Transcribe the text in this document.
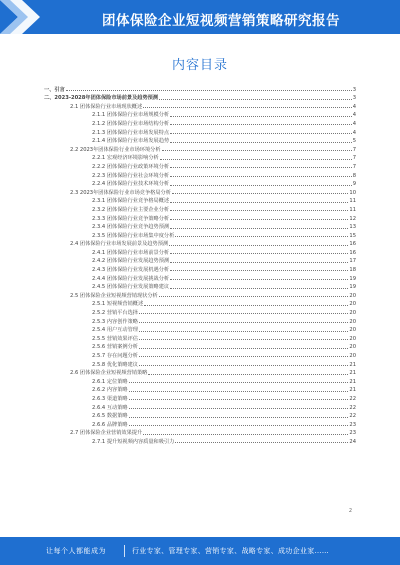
团体保险企业短视频营销策略研究报告
内容目录
一、引言	3
二、2023-2028年团体保险市场前景及趋势预测	3
2.1 团体保险行业市场现状概述	4
2.1.1 团体保险行业市场规模分析	4
2.1.2 团体保险行业市场结构分析	4
2.1.3 团体保险行业市场发展特点	4
2.1.4 团体保险行业市场发展趋势	5
2.2 2023年团体保险行业市场环境分析	7
2.2.1 宏观经济环境影响分析	7
2.2.2 团体保险行业政策环境分析	7
2.2.3 团体保险行业社会环境分析	8
2.2.4 团体保险行业技术环境分析	9
2.3 2023年团体保险行业市场竞争格局分析	10
2.3.1 团体保险行业竞争格局概述	11
2.3.2 团体保险行业主要企业分析	11
2.3.3 团体保险行业竞争策略分析	12
2.3.4 团体保险行业竞争趋势预测	13
2.3.5 团体保险行业市场集中度分析	15
2.4 团体保险行业市场发展前景及趋势预测	16
2.4.1 团体保险行业市场前景分析	16
2.4.2 团体保险行业发展趋势预测	17
2.4.3 团体保险行业发展机遇分析	18
2.4.4 团体保险行业发展挑战分析	19
2.4.5 团体保险行业发展策略建议	19
2.5 团体保险企业短视频营销现状分析	20
2.5.1 短视频营销概述	20
2.5.2 营销平台选择	20
2.5.3 内容创作策略	20
2.5.4 用户互动管理	20
2.5.5 营销效果评估	20
2.5.6 营销案例分析	20
2.5.7 存在问题分析	20
2.5.8 优化策略建议	21
2.6 团体保险企业短视频营销策略	21
2.6.1 定位策略	21
2.6.2 内容策略	21
2.6.3 渠道策略	22
2.6.4 互动策略	22
2.6.5 数据策略	22
2.6.6 品牌策略	23
2.7 团体保险企业营销效果提升	23
2.7.1 提升短视频内容质量和吸引力	24
2
让每个人都能成为	行业专家、管理专家、营销专家、战略专家、成功企业家……
